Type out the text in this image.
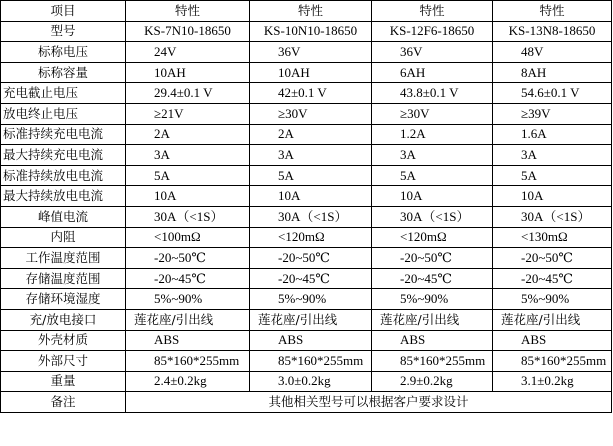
项目	特性	特性	特性	特性
型号	KS-7N10-18650	KS-10N10-18650	KS-12F6-18650	KS-13N8-18650
标称电压	24V	36V	36V	48V
标称容量	10AH	10AH	6AH	8AH
充电截止电压	29.4±0.1 V	42±0.1 V	43.8±0.1 V	54.6±0.1 V
放电终止电压	≥21V	≥30V	≥30V	≥39V
标准持续充电电流	2A	2A	1.2A	1.6A
最大持续充电电流	3A	3A	3A	3A
标准持续放电电流	5A	5A	5A	5A
最大持续放电电流	10A	10A	10A	10A
峰值电流	30A（<1S）	30A（<1S）	30A（<1S）	30A（<1S）
内阻	<100mΩ	<120mΩ	<120mΩ	<130mΩ
工作温度范围	-20~50℃	-20~50℃	-20~50℃	-20~50℃
存储温度范围	-20~45℃	-20~45℃	-20~45℃	-20~45℃
存储环境湿度	5%~90%	5%~90%	5%~90%	5%~90%
充/放电接口	莲花座/引出线	莲花座/引出线	莲花座/引出线	莲花座/引出线
外壳材质	ABS	ABS	ABS	ABS
外部尺寸	85*160*255mm	85*160*255mm	85*160*255mm	85*160*255mm
重量	2.4±0.2kg	3.0±0.2kg	2.9±0.2kg	3.1±0.2kg
备注	其他相关型号可以根据客户要求设计			
